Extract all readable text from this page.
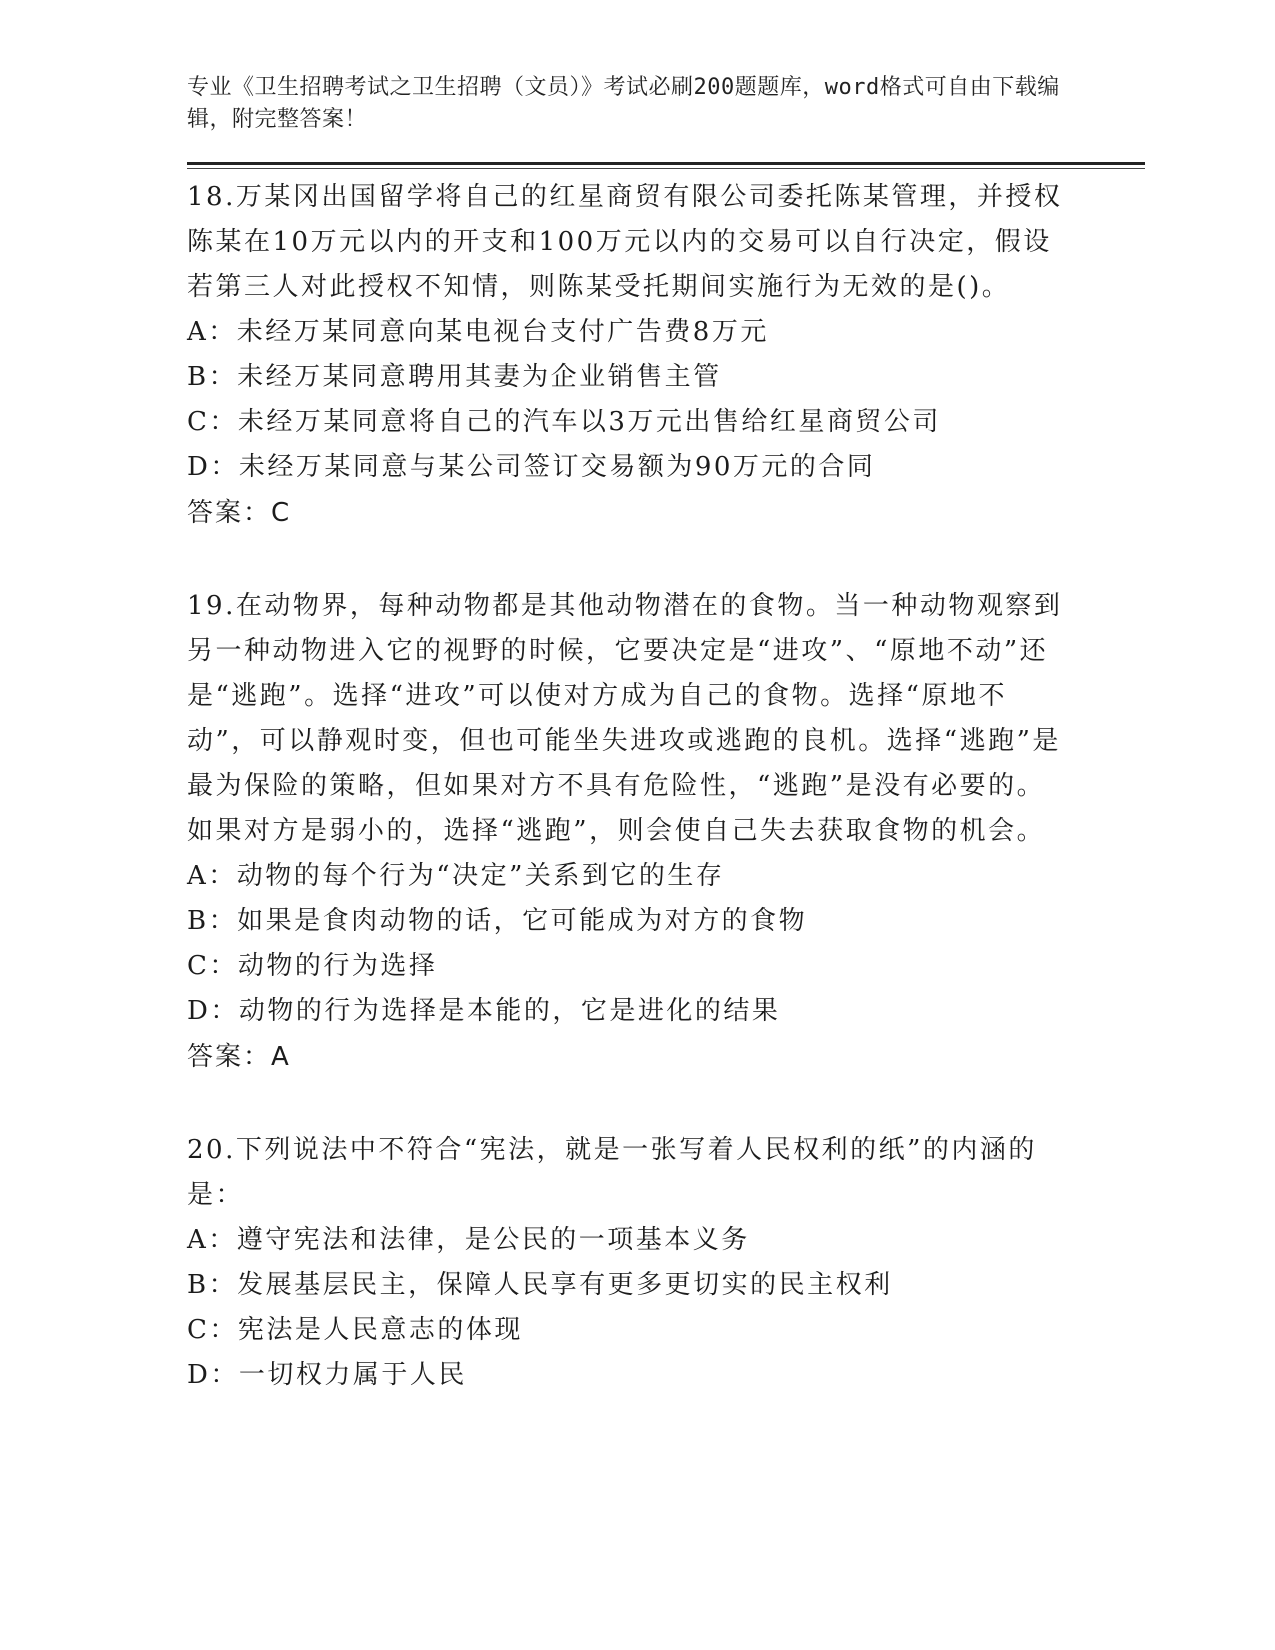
专业《卫生招聘考试之卫生招聘（文员）》考试必刷200题题库，word格式可自由下载编辑，附完整答案！
18.万某冈出国留学将自己的红星商贸有限公司委托陈某管理，并授权陈某在10万元以内的开支和100万元以内的交易可以自行决定，假设若第三人对此授权不知情，则陈某受托期间实施行为无效的是()。
A：未经万某同意向某电视台支付广告费8万元
B：未经万某同意聘用其妻为企业销售主管
C：未经万某同意将自己的汽车以3万元出售给红星商贸公司
D：未经万某同意与某公司签订交易额为90万元的合同
答案：C
19.在动物界，每种动物都是其他动物潜在的食物。当一种动物观察到另一种动物进入它的视野的时候，它要决定是“进攻”、“原地不动”还是“逃跑”。选择“进攻”可以使对方成为自己的食物。选择“原地不动”，可以静观时变，但也可能坐失进攻或逃跑的良机。选择“逃跑”是最为保险的策略，但如果对方不具有危险性，“逃跑”是没有必要的。如果对方是弱小的，选择“逃跑”，则会使自己失去获取食物的机会。
A：动物的每个行为“决定”关系到它的生存
B：如果是食肉动物的话，它可能成为对方的食物
C：动物的行为选择
D：动物的行为选择是本能的，它是进化的结果
答案：A
20.下列说法中不符合“宪法，就是一张写着人民权利的纸”的内涵的是：
A：遵守宪法和法律，是公民的一项基本义务
B：发展基层民主，保障人民享有更多更切实的民主权利
C：宪法是人民意志的体现
D：一切权力属于人民
